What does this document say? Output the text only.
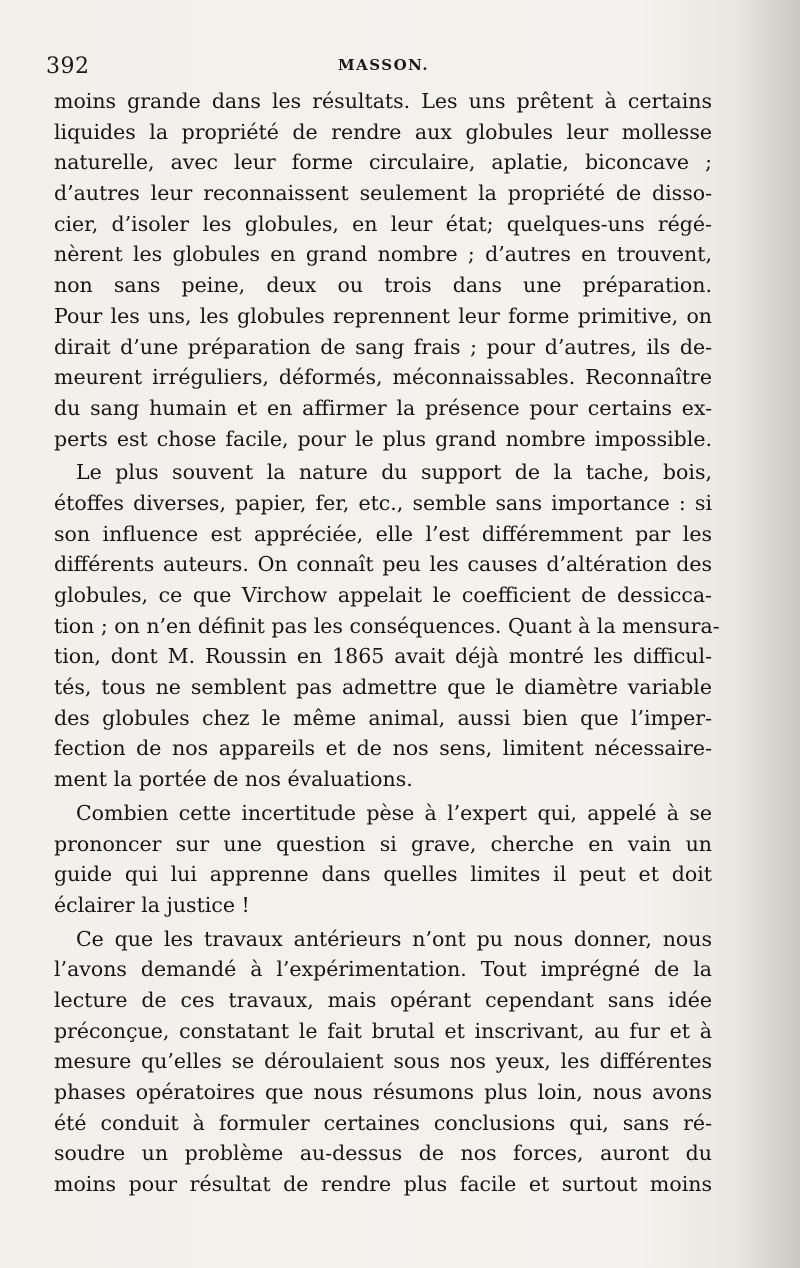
392	MASSON.
moins grande dans les résultats. Les uns prêtent à certains
liquides la propriété de rendre aux globules leur mollesse
naturelle, avec leur forme circulaire, aplatie, biconcave ;
d’autres leur reconnaissent seulement la propriété de disso-
cier, d’isoler les globules, en leur état; quelques-uns régé-
nèrent les globules en grand nombre ; d’autres en trouvent,
non sans peine, deux ou trois dans une préparation.
Pour les uns, les globules reprennent leur forme primitive, on
dirait d’une préparation de sang frais ; pour d’autres, ils de-
meurent irréguliers, déformés, méconnaissables. Reconnaître
du sang humain et en affirmer la présence pour certains ex-
perts est chose facile, pour le plus grand nombre impossible.
Le plus souvent la nature du support de la tache, bois,
étoffes diverses, papier, fer, etc., semble sans importance : si
son influence est appréciée, elle l’est différemment par les
différents auteurs. On connaît peu les causes d’altération des
globules, ce que Virchow appelait le coefficient de dessicca-
tion ; on n’en définit pas les conséquences. Quant à la mensura-
tion, dont M. Roussin en 1865 avait déjà montré les difficul-
tés, tous ne semblent pas admettre que le diamètre variable
des globules chez le même animal, aussi bien que l’imper-
fection de nos appareils et de nos sens, limitent nécessaire-
ment la portée de nos évaluations.
Combien cette incertitude pèse à l’expert qui, appelé à se
prononcer sur une question si grave, cherche en vain un
guide qui lui apprenne dans quelles limites il peut et doit
éclairer la justice !
Ce que les travaux antérieurs n’ont pu nous donner, nous
l’avons demandé à l’expérimentation. Tout imprégné de la
lecture de ces travaux, mais opérant cependant sans idée
préconçue, constatant le fait brutal et inscrivant, au fur et à
mesure qu’elles se déroulaient sous nos yeux, les différentes
phases opératoires que nous résumons plus loin, nous avons
été conduit à formuler certaines conclusions qui, sans ré-
soudre un problème au-dessus de nos forces, auront du
moins pour résultat de rendre plus facile et surtout moins
